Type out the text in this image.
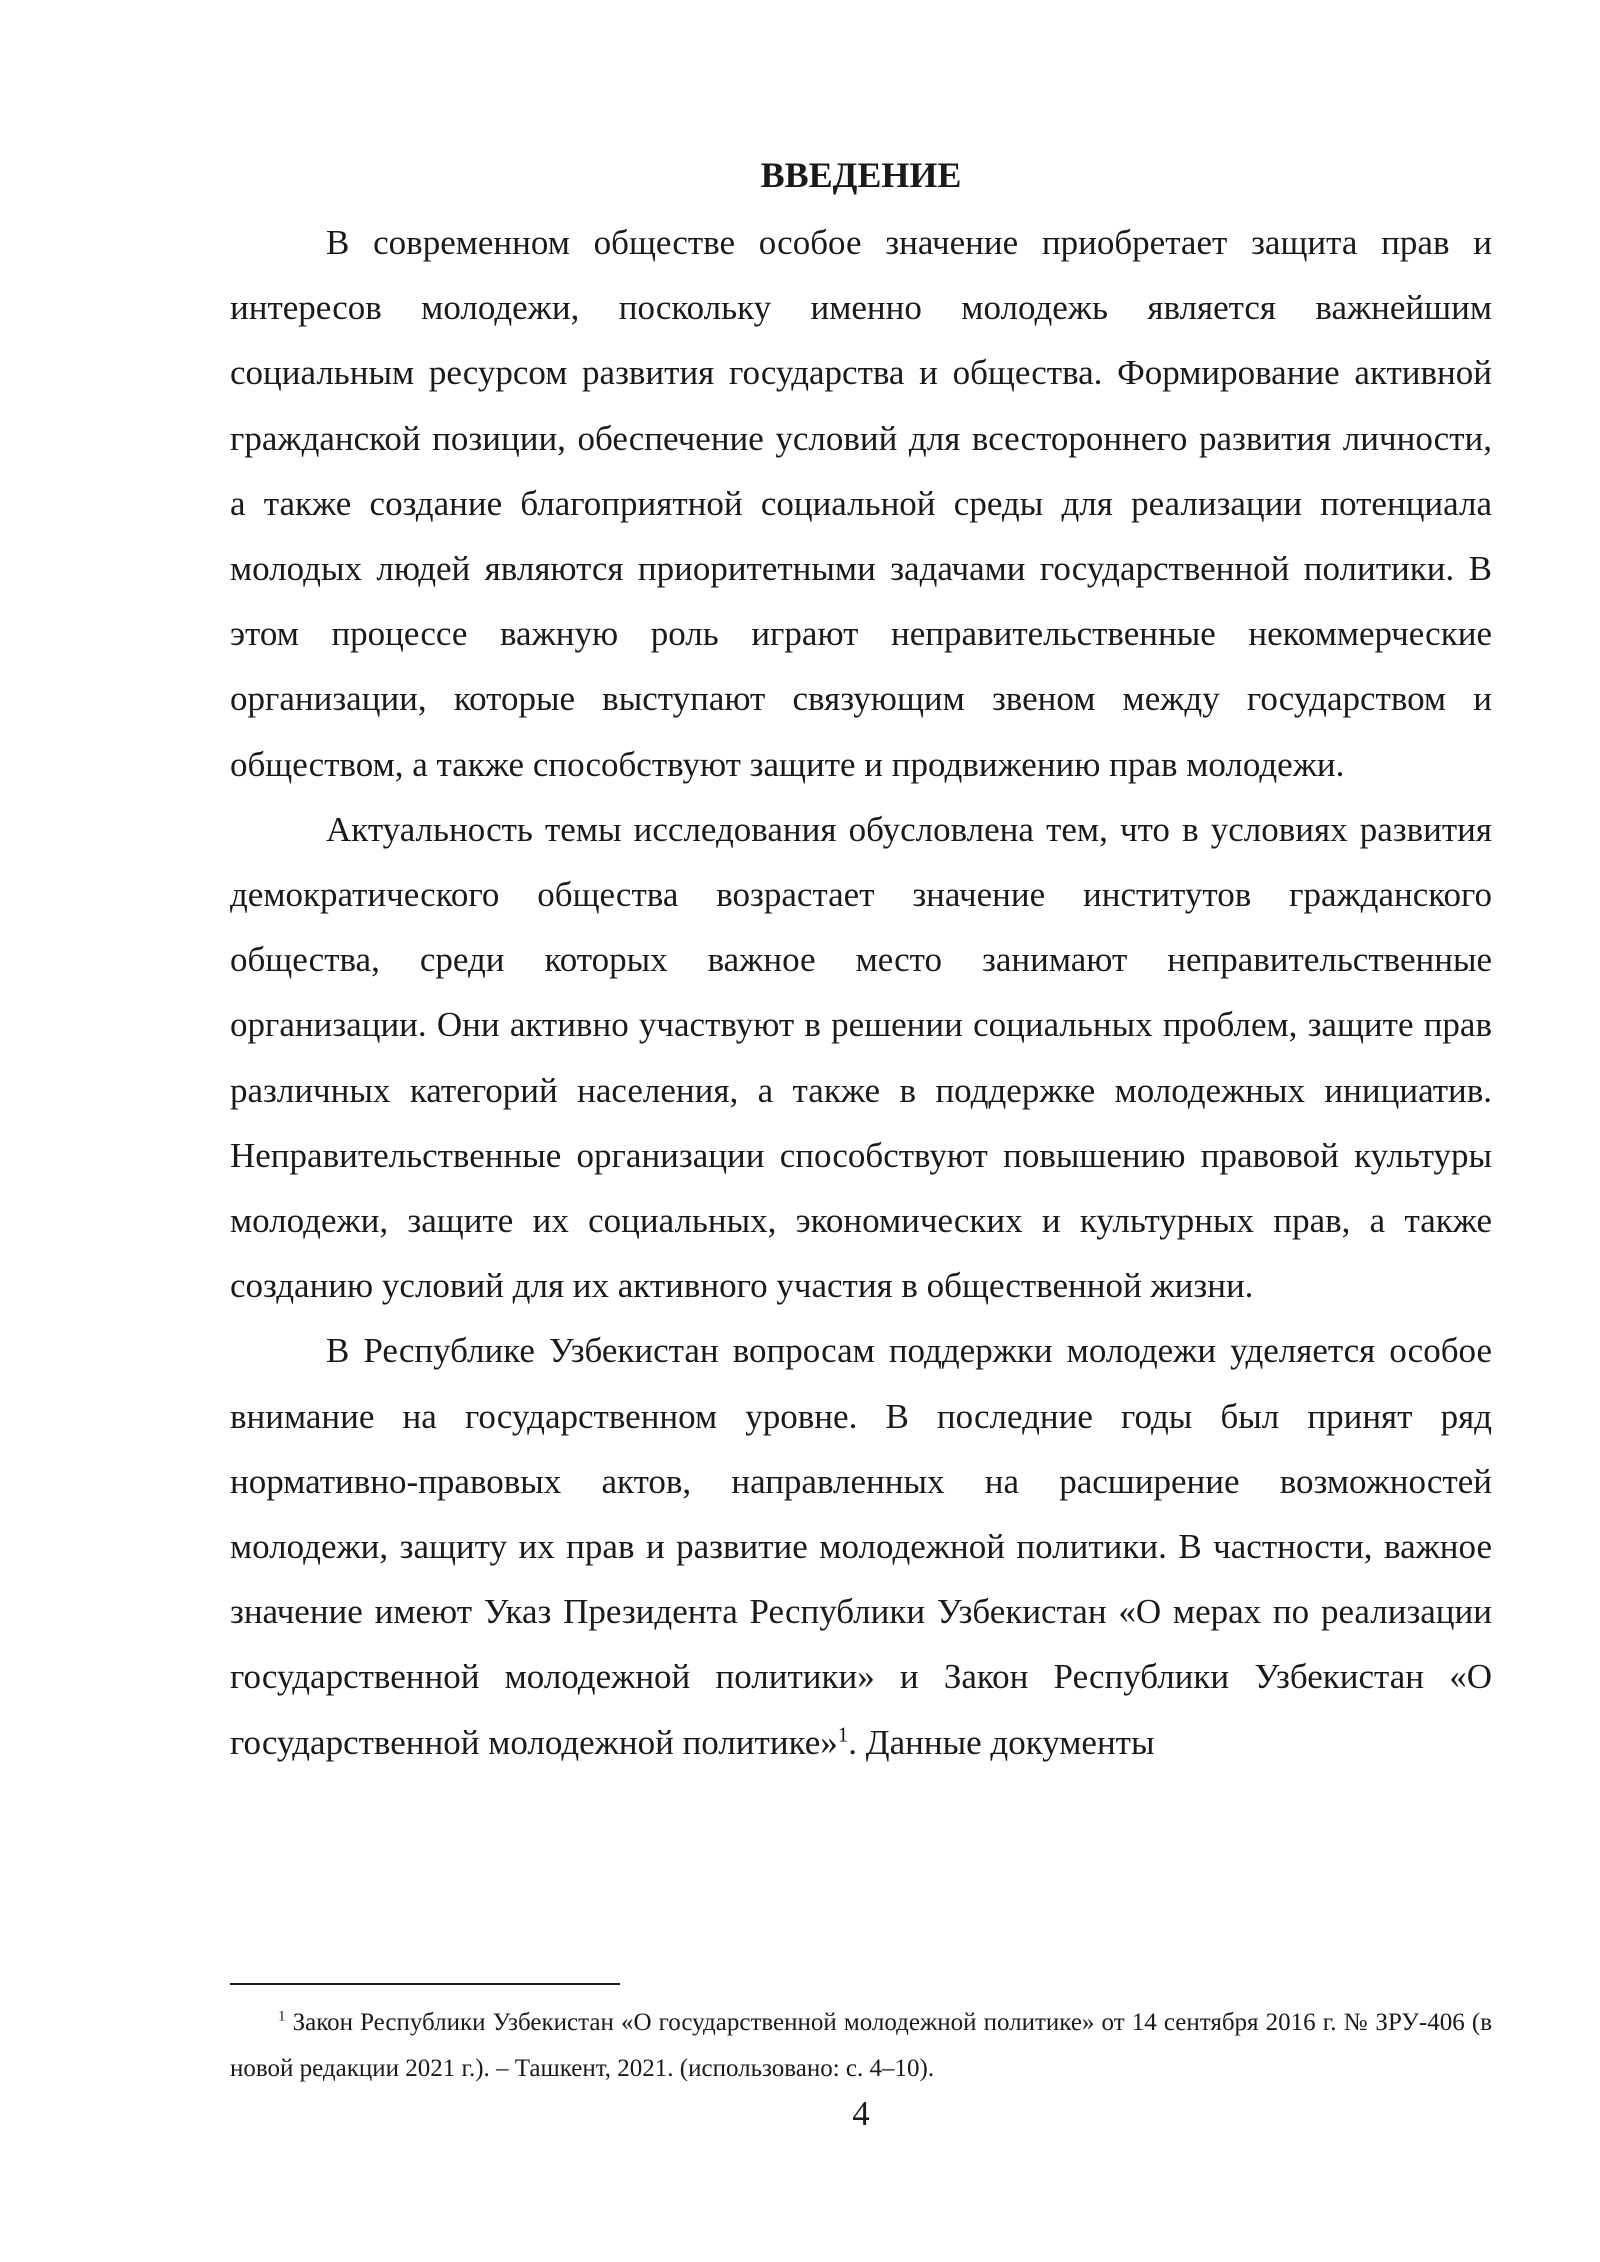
ВВЕДЕНИЕ

В современном обществе особое значение приобретает защита прав и интересов молодежи, поскольку именно молодежь является важнейшим социальным ресурсом развития государства и общества. Формирование активной гражданской позиции, обеспечение условий для всестороннего развития личности, а также создание благоприятной социальной среды для реализации потенциала молодых людей являются приоритетными задачами государственной политики. В этом процессе важную роль играют неправительственные некоммерческие организации, которые выступают связующим звеном между государством и обществом, а также способствуют защите и продвижению прав молодежи.

Актуальность темы исследования обусловлена тем, что в условиях развития демократического общества возрастает значение институтов гражданского общества, среди которых важное место занимают неправительственные организации. Они активно участвуют в решении социальных проблем, защите прав различных категорий населения, а также в поддержке молодежных инициатив. Неправительственные организации способствуют повышению правовой культуры молодежи, защите их социальных, экономических и культурных прав, а также созданию условий для их активного участия в общественной жизни.

В Республике Узбекистан вопросам поддержки молодежи уделяется особое внимание на государственном уровне. В последние годы был принят ряд нормативно-правовых актов, направленных на расширение возможностей молодежи, защиту их прав и развитие молодежной политики. В частности, важное значение имеют Указ Президента Республики Узбекистан «О мерах по реализации государственной молодежной политики» и Закон Республики Узбекистан «О государственной молодежной политике»$^1$. Данные документы

$^1$ Закон Республики Узбекистан «О государственной молодежной политике» от 14 сентября 2016 г. № ЗРУ-406 (в новой редакции 2021 г.). – Ташкент, 2021. (использовано: с. 4–10).

4
